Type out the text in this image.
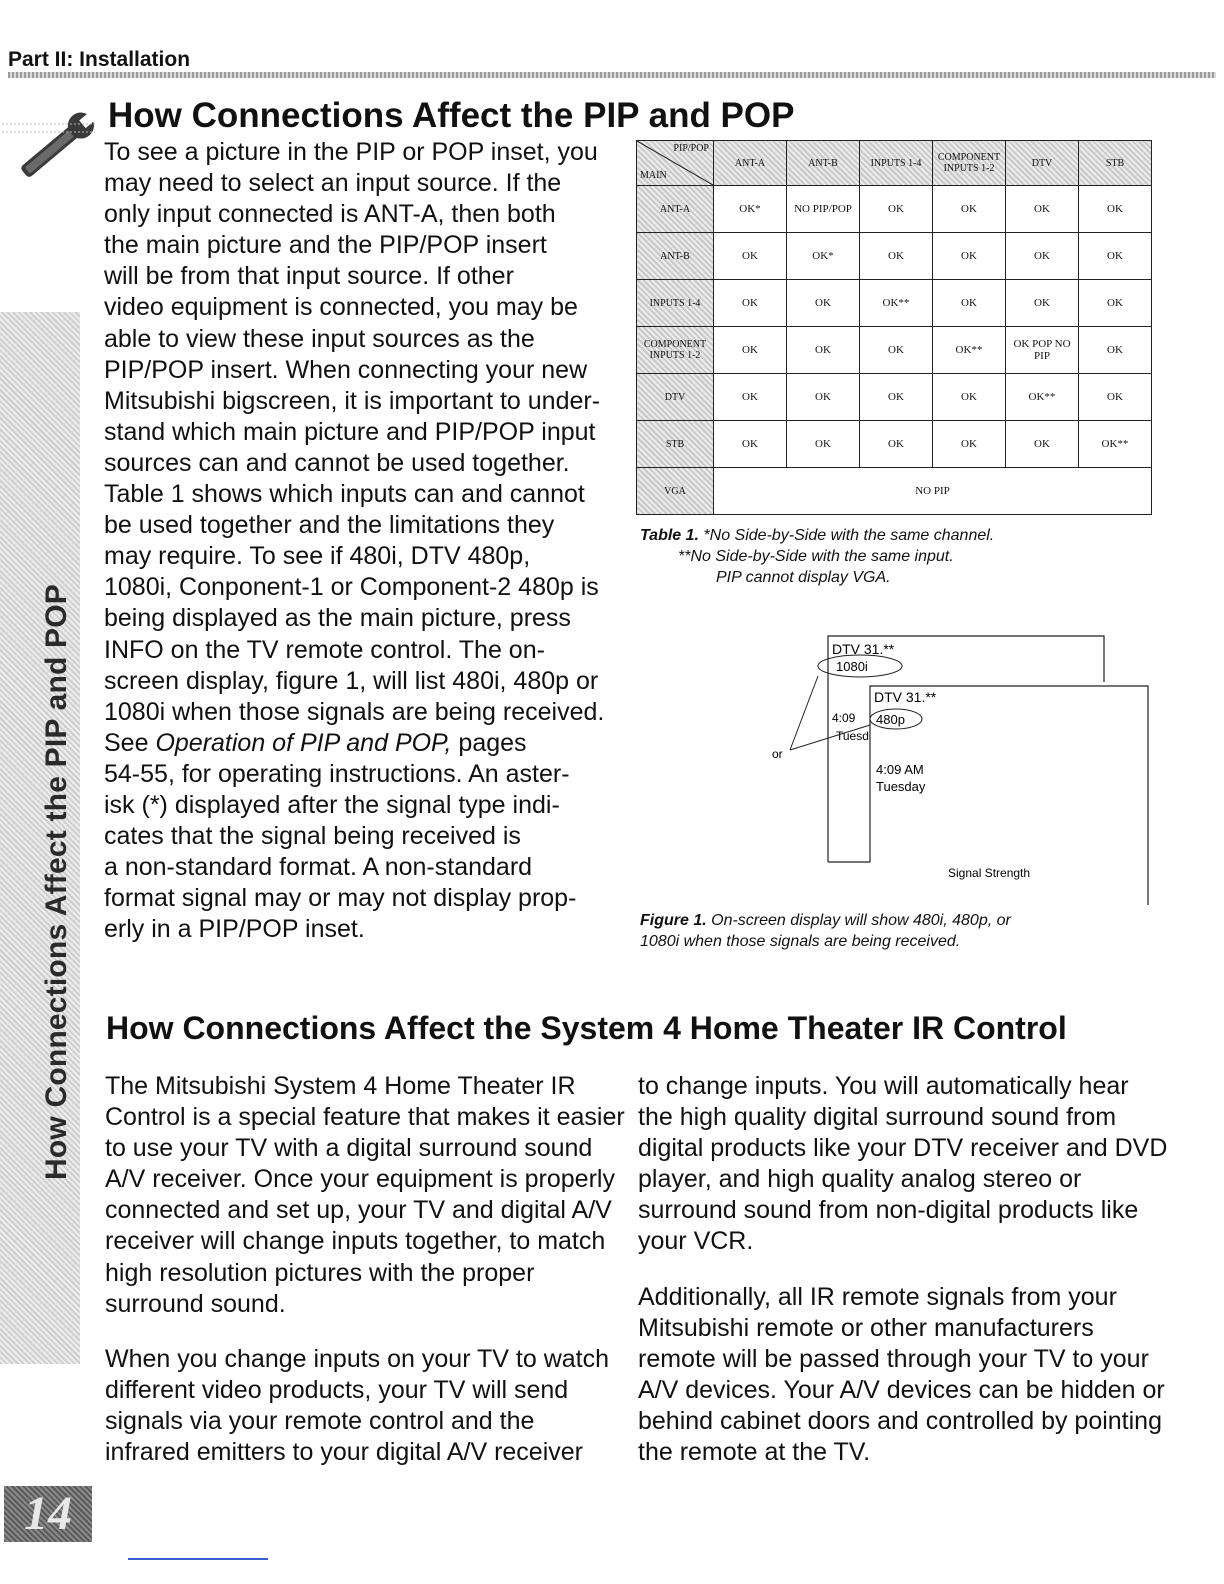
Part II: Installation
How Connections Affect the PIP and POP
How Connections Affect the PIP and POP
To see a picture in the PIP or POP inset, you
may need to select an input source. If the
only input connected is ANT-A, then both
the main picture and the PIP/POP insert
will be from that input source. If other
video equipment is connected, you may be
able to view these input sources as the
PIP/POP insert. When connecting your new
Mitsubishi bigscreen, it is important to under-
stand which main picture and PIP/POP input
sources can and cannot be used together.
Table 1 shows which inputs can and cannot
be used together and the limitations they
may require. To see if 480i, DTV 480p,
1080i, Conponent-1 or Component-2 480p is
being displayed as the main picture, press
INFO on the TV remote control. The on-
screen display, figure 1, will list 480i, 480p or
1080i when those signals are being received.
See Operation of PIP and POP, pages
54-55, for operating instructions. An aster-
isk (*) displayed after the signal type indi-
cates that the signal being received is
a non-standard format. A non-standard
format signal may or may not display prop-
erly in a PIP/POP inset.
PIP/POP
MAIN	ANT-A	ANT-B	INPUTS 1-4	COMPONENT INPUTS 1-2	DTV	STB
ANT-A	OK*	NO PIP/POP	OK	OK	OK	OK
ANT-B	OK	OK*	OK	OK	OK	OK
INPUTS 1-4	OK	OK	OK**	OK	OK	OK
COMPONENT INPUTS 1-2	OK	OK	OK	OK**	OK POP NO PIP	OK
DTV	OK	OK	OK	OK	OK**	OK
STB	OK	OK	OK	OK	OK	OK**
VGA	NO PIP					
Table 1. *No Side-by-Side with the same channel.
**No Side-by-Side with the same input.
PIP cannot display VGA.
DTV 31.**
1080i
4:09
Tuesd
DTV 31.**
480p
4:09 AM
Tuesday
Signal Strength
or
Figure 1. On-screen display will show 480i, 480p, or
1080i when those signals are being received.
How Connections Affect the System 4 Home Theater IR Control

The Mitsubishi System 4 Home Theater IR Control is a special feature that makes it easier to use your TV with a digital surround sound A/V receiver. Once your equipment is properly connected and set up, your TV and digital A/V receiver will change inputs together, to match high resolution pictures with the proper surround sound.

When you change inputs on your TV to watch different video products, your TV will send signals via your remote control and the infrared emitters to your digital A/V receiver

to change inputs. You will automatically hear the high quality digital surround sound from digital products like your DTV receiver and DVD player, and high quality analog stereo or surround sound from non-digital products like your VCR.

Additionally, all IR remote signals from your Mitsubishi remote or other manufacturers remote will be passed through your TV to your A/V devices. Your A/V devices can be hidden or behind cabinet doors and controlled by pointing the remote at the TV.

14
